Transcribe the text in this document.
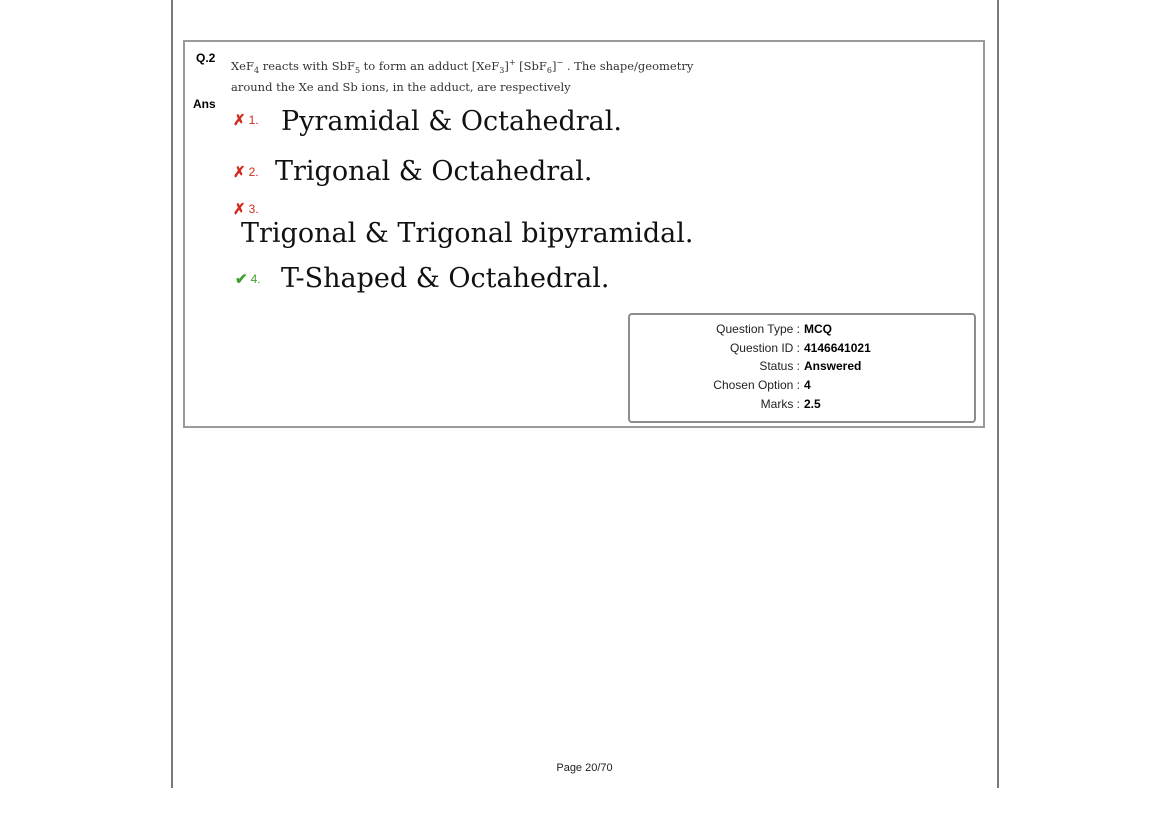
Q.2
XeF$_4$ reacts with SbF$_5$ to form an adduct [XeF$_3$]+ [SbF$_6$]− . The shape/geometry
around the Xe and Sb ions, in the adduct, are respectively
Ans
✗ 1. Pyramidal & Octahedral.
✗ 2. Trigonal & Octahedral.
✗ 3.
Trigonal & Trigonal bipyramidal.
✔ 4. T-Shaped & Octahedral.
Question Type : MCQ
Question ID : 4146641021
Status : Answered
Chosen Option : 4
Marks : 2.5
Page 20/70
